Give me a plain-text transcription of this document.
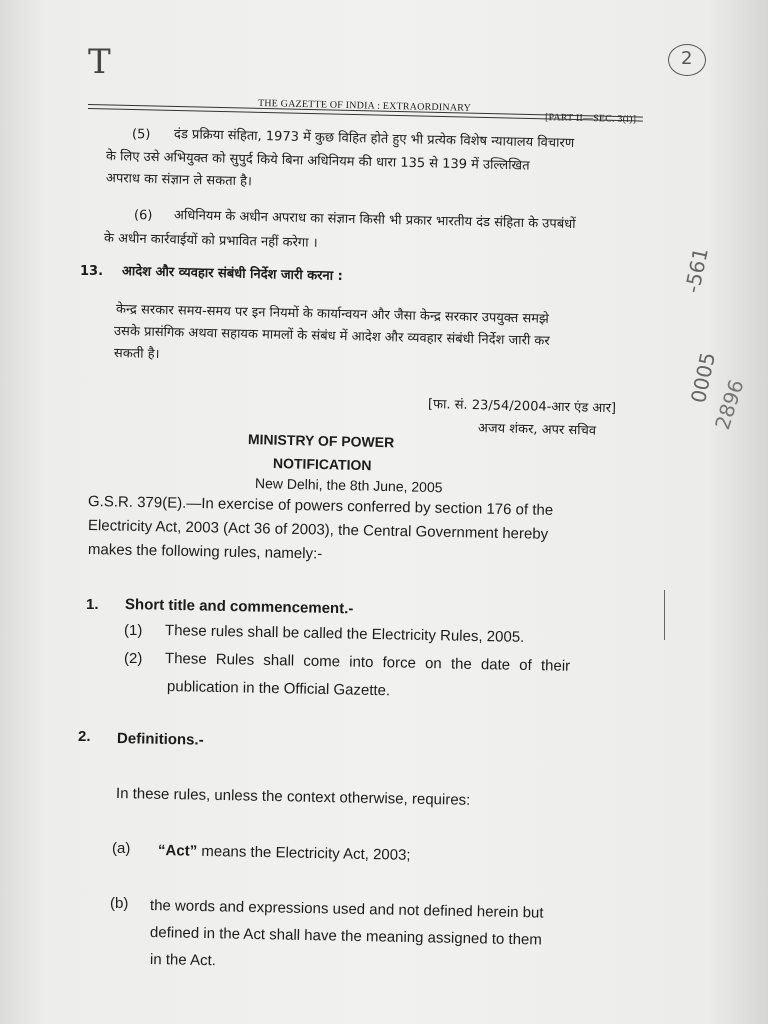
T	2
-561
0005
2896
THE GAZETTE OF INDIA : EXTRAORDINARY
[PART II—SEC. 3(i)]
(5) दंड प्रक्रिया संहिता, 1973 में कुछ विहित होते हुए भी प्रत्येक विशेष न्यायालय विचारण
के लिए उसे अभियुक्त को सुपुर्द किये बिना अधिनियम की धारा 135 से 139 में उल्लिखित
अपराध का संज्ञान ले सकता है।
(6) अधिनियम के अधीन अपराध का संज्ञान किसी भी प्रकार भारतीय दंड संहिता के उपबंधों
के अधीन कार्रवाईयों को प्रभावित नहीं करेगा ।
13. आदेश और व्यवहार संबंधी निर्देश जारी करना :
केन्द्र सरकार समय-समय पर इन नियमों के कार्यान्वयन और जैसा केन्द्र सरकार उपयुक्त समझे
उसके प्रासंगिक अथवा सहायक मामलों के संबंध में आदेश और व्यवहार संबंधी निर्देश जारी कर
सकती है।
[फा. सं. 23/54/2004-आर एंड आर]
अजय शंकर, अपर सचिव
MINISTRY OF POWER
NOTIFICATION
New Delhi, the 8th June, 2005
G.S.R. 379(E).—In exercise of powers conferred by section 176 of the
Electricity Act, 2003 (Act 36 of 2003), the Central Government hereby
makes the following rules, namely:-
1. Short title and commencement.-
(1) These rules shall be called the Electricity Rules, 2005.
(2) These Rules shall come into force on the date of their
publication in the Official Gazette.
2. Definitions.-
In these rules, unless the context otherwise, requires:
(a) “Act” means the Electricity Act, 2003;
(b) the words and expressions used and not defined herein but
defined in the Act shall have the meaning assigned to them
in the Act.
